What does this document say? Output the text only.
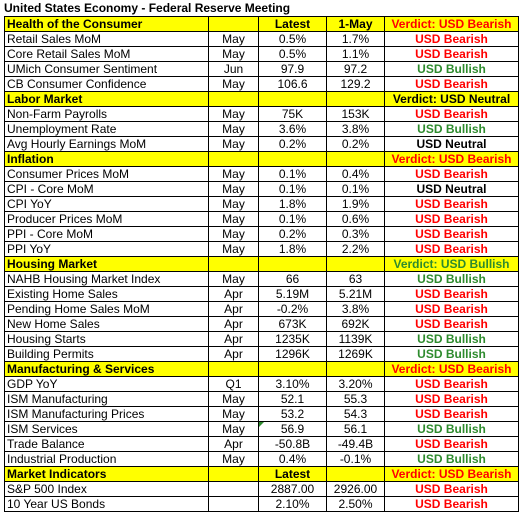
United States Economy - Federal Reserve Meeting
Health of the Consumer		Latest	1-May	Verdict: USD Bearish
Retail Sales MoM	May	0.5%	1.7%	USD Bearish
Core Retail Sales MoM	May	0.5%	1.1%	USD Bearish
UMich Consumer Sentiment	Jun	97.9	97.2	USD Bullish
CB Consumer Confidence	May	106.6	129.2	USD Bearish
Labor Market				Verdict: USD Neutral
Non-Farm Payrolls	May	75K	153K	USD Bearish
Unemployment Rate	May	3.6%	3.8%	USD Bullish
Avg Hourly Earnings MoM	May	0.2%	0.2%	USD Neutral
Inflation				Verdict: USD Bearish
Consumer Prices MoM	May	0.1%	0.4%	USD Bearish
CPI - Core MoM	May	0.1%	0.1%	USD Neutral
CPI YoY	May	1.8%	1.9%	USD Bearish
Producer Prices MoM	May	0.1%	0.6%	USD Bearish
PPI - Core MoM	May	0.2%	0.3%	USD Bearish
PPI YoY	May	1.8%	2.2%	USD Bearish
Housing Market				Verdict: USD Bullish
NAHB Housing Market Index	May	66	63	USD Bullish
Existing Home Sales	Apr	5.19M	5.21M	USD Bearish
Pending Home Sales MoM	Apr	-0.2%	3.8%	USD Bearish
New Home Sales	Apr	673K	692K	USD Bearish
Housing Starts	Apr	1235K	1139K	USD Bullish
Building Permits	Apr	1296K	1269K	USD Bullish
Manufacturing & Services				Verdict: USD Bearish
GDP YoY	Q1	3.10%	3.20%	USD Bearish
ISM Manufacturing	May	52.1	55.3	USD Bearish
ISM Manufacturing Prices	May	53.2	54.3	USD Bearish
ISM Services	May	56.9	56.1	USD Bullish
Trade Balance	Apr	-50.8B	-49.4B	USD Bearish
Industrial Production	May	0.4%	-0.1%	USD Bullish
Market Indicators		Latest		Verdict: USD Bearish
S&P 500 Index		2887.00	2926.00	USD Bearish
10 Year US Bonds		2.10%	2.50%	USD Bearish
